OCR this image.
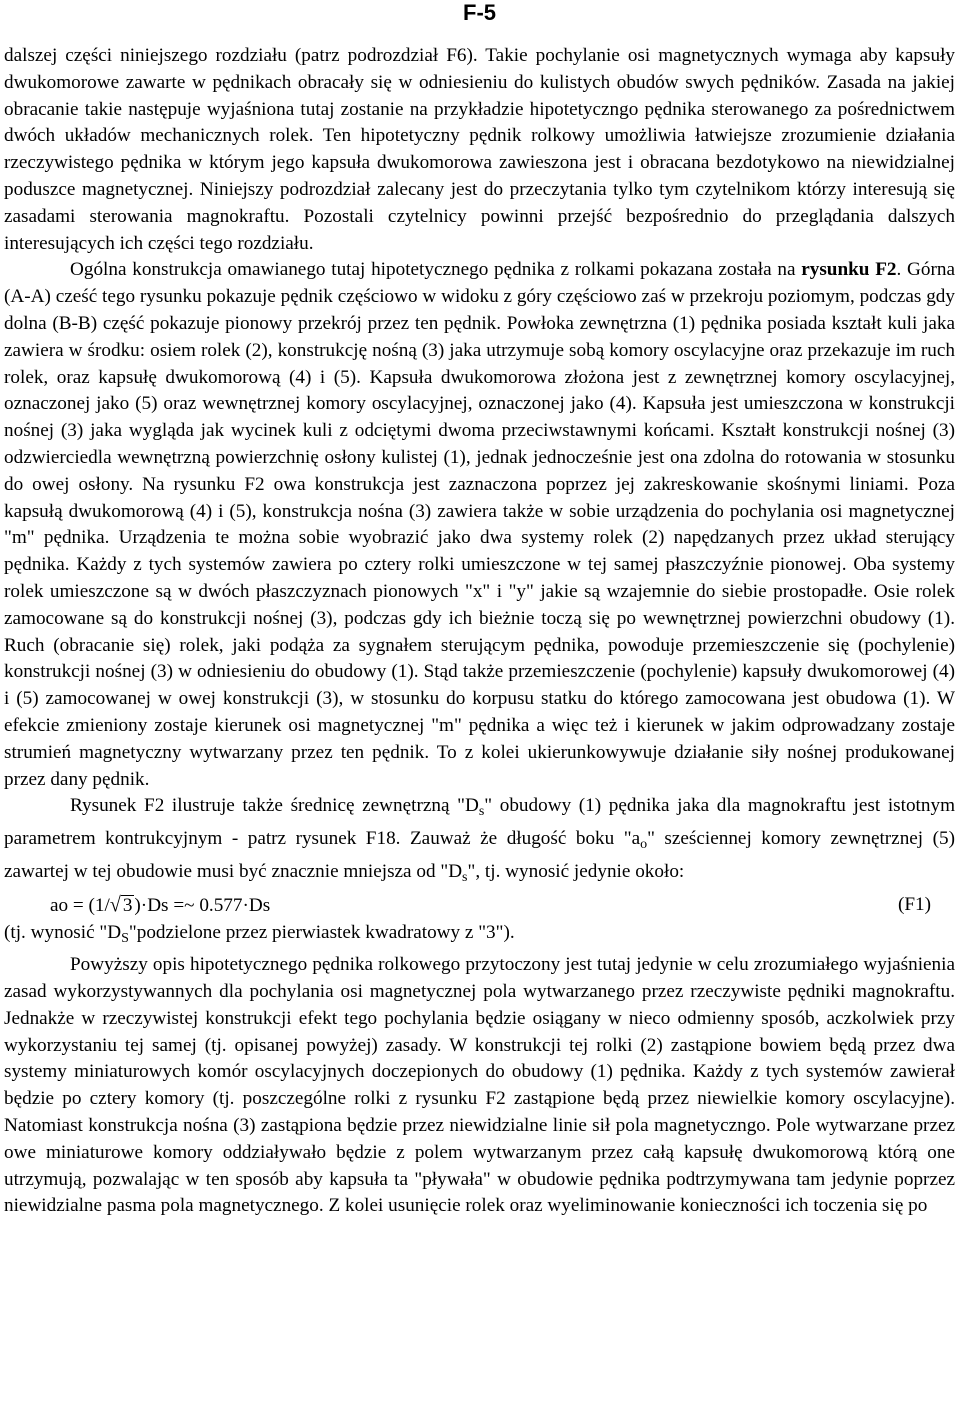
F-5

dalszej części niniejszego rozdziału (patrz podrozdział F6). Takie pochylanie osi magnetycznych wymaga aby kapsuły dwukomorowe zawarte w pędnikach obracały się w odniesieniu do kulistych obudów swych pędników. Zasada na jakiej obracanie takie następuje wyjaśniona tutaj zostanie na przykładzie hipotetyczngo pędnika sterowanego za pośrednictwem dwóch układów mechanicznych rolek. Ten hipotetyczny pędnik rolkowy umożliwia łatwiejsze zrozumienie działania rzeczywistego pędnika w którym jego kapsuła dwukomorowa zawieszona jest i obracana bezdotykowo na niewidzialnej poduszce magnetycznej. Niniejszy podrozdział zalecany jest do przeczytania tylko tym czytelnikom którzy interesują się zasadami sterowania magnokraftu. Pozostali czytelnicy powinni przejść bezpośrednio do przeglądania dalszych interesujących ich części tego rozdziału.

Ogólna konstrukcja omawianego tutaj hipotetycznego pędnika z rolkami pokazana została na rysunku F2. Górna (A-A) cześć tego rysunku pokazuje pędnik częściowo w widoku z góry częściowo zaś w przekroju poziomym, podczas gdy dolna (B-B) część pokazuje pionowy przekrój przez ten pędnik. Powłoka zewnętrzna (1) pędnika posiada kształt kuli jaka zawiera w środku: osiem rolek (2), konstrukcję nośną (3) jaka utrzymuje sobą komory oscylacyjne oraz przekazuje im ruch rolek, oraz kapsułę dwukomorową (4) i (5). Kapsuła dwukomorowa złożona jest z zewnętrznej komory oscylacyjnej, oznaczonej jako (5) oraz wewnętrznej komory oscylacyjnej, oznaczonej jako (4). Kapsuła jest umieszczona w konstrukcji nośnej (3) jaka wygląda jak wycinek kuli z odciętymi dwoma przeciwstawnymi końcami. Kształt konstrukcji nośnej (3) odzwierciedla wewnętrzną powierzchnię osłony kulistej (1), jednak jednocześnie jest ona zdolna do rotowania w stosunku do owej osłony. Na rysunku F2 owa konstrukcja jest zaznaczona poprzez jej zakreskowanie skośnymi liniami. Poza kapsułą dwukomorową (4) i (5), konstrukcja nośna (3) zawiera także w sobie urządzenia do pochylania osi magnetycznej "m" pędnika. Urządzenia te można sobie wyobrazić jako dwa systemy rolek (2) napędzanych przez układ sterujący pędnika. Każdy z tych systemów zawiera po cztery rolki umieszczone w tej samej płaszczyźnie pionowej. Oba systemy rolek umieszczone są w dwóch płaszczyznach pionowych "x" i "y" jakie są wzajemnie do siebie prostopadłe. Osie rolek zamocowane są do konstrukcji nośnej (3), podczas gdy ich bieżnie toczą się po wewnętrznej powierzchni obudowy (1). Ruch (obracanie się) rolek, jaki podąża za sygnałem sterującym pędnika, powoduje przemieszczenie się (pochylenie) konstrukcji nośnej (3) w odniesieniu do obudowy (1). Stąd także przemieszczenie (pochylenie) kapsuły dwukomorowej (4) i (5) zamocowanej w owej konstrukcji (3), w stosunku do korpusu statku do którego zamocowana jest obudowa (1). W efekcie zmieniony zostaje kierunek osi magnetycznej "m" pędnika a więc też i kierunek w jakim odprowadzany zostaje strumień magnetyczny wytwarzany przez ten pędnik. To z kolei ukierunkowywuje działanie siły nośnej produkowanej przez dany pędnik.

Rysunek F2 ilustruje także średnicę zewnętrzną "$D_s$" obudowy (1) pędnika jaka dla magnokraftu jest istotnym parametrem kontrukcyjnym - patrz rysunek F18. Zauważ że długość boku "$a_o$" sześciennej komory zewnętrznej (5) zawartej w tej obudowie musi być znacznie mniejsza od "$D_s$", tj. wynosić jedynie około:

ao = (1/√ 3 )·Ds =~ 0.577·Ds	(F1)

(tj. wynosić "$D_S"podzielone$ przez pierwiastek kwadratowy z "3").

Powyższy opis hipotetycznego pędnika rolkowego przytoczony jest tutaj jedynie w celu zrozumiałego wyjaśnienia zasad wykorzystywannych dla pochylania osi magnetycznej pola wytwarzanego przez rzeczywiste pędniki magnokraftu. Jednakże w rzeczywistej konstrukcji efekt tego pochylania będzie osiągany w nieco odmienny sposób, aczkolwiek przy wykorzystaniu tej samej (tj. opisanej powyżej) zasady. W konstrukcji tej rolki (2) zastąpione bowiem będą przez dwa systemy miniaturowych komór oscylacyjnych doczepionych do obudowy (1) pędnika. Każdy z tych systemów zawierał będzie po cztery komory (tj. poszczególne rolki z rysunku F2 zastąpione będą przez niewielkie komory oscylacyjne). Natomiast konstrukcja nośna (3) zastąpiona będzie przez niewidzialne linie sił pola magnetyczngo. Pole wytwarzane przez owe miniaturowe komory oddziaływało będzie z polem wytwarzanym przez całą kapsułę dwukomorową którą one utrzymują, pozwalając w ten sposób aby kapsuła ta "pływała" w obudowie pędnika podtrzymywana tam jedynie poprzez niewidzialne pasma pola magnetycznego. Z kolei usunięcie rolek oraz wyeliminowanie konieczności ich toczenia się po
